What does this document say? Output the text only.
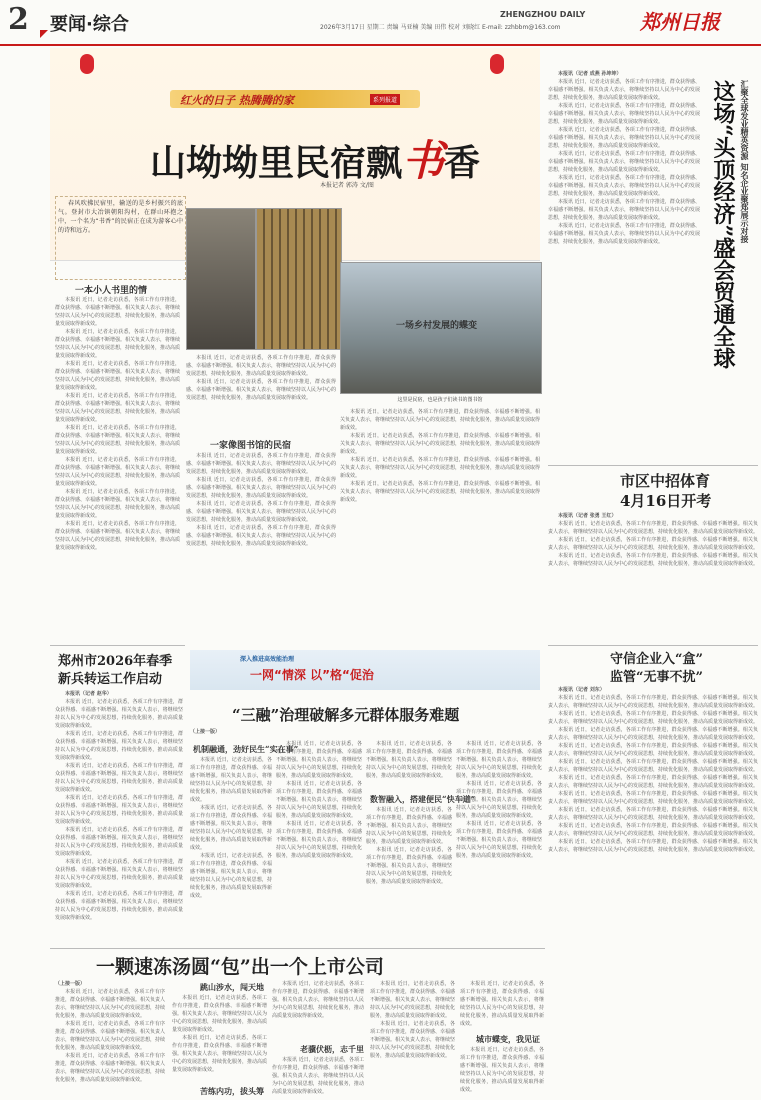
2 要闻·综合	2026年3月17日 星期二 责编 马亚楠 美编 田伟 校对 刘晓红 E-mail: zzhbbm@163.com
ZHENGZHOU DAILY	郑州日报
红火的日子 热腾腾的家	系列报道
山坳坳里民宿飘书香
本报记者 郭涛 文/图

春风吹拂民宿里，输送的是乡村振兴的底气。登封市大冶镇朝阳沟村，在群山环抱之中，一个名为“书香”的民宿正在成为游客心中的诗和远方。

一本小人书里的情

本报讯 近日，记者走访获悉，各项工作有序推进，群众获得感、幸福感不断增强。相关负责人表示，将继续坚持以人民为中心的发展思想，持续优化服务，推动高质量发展取得新成效。

本报讯 近日，记者走访获悉，各项工作有序推进，群众获得感、幸福感不断增强。相关负责人表示，将继续坚持以人民为中心的发展思想，持续优化服务，推动高质量发展取得新成效。

本报讯 近日，记者走访获悉，各项工作有序推进，群众获得感、幸福感不断增强。相关负责人表示，将继续坚持以人民为中心的发展思想，持续优化服务，推动高质量发展取得新成效。

本报讯 近日，记者走访获悉，各项工作有序推进，群众获得感、幸福感不断增强。相关负责人表示，将继续坚持以人民为中心的发展思想，持续优化服务，推动高质量发展取得新成效。

本报讯 近日，记者走访获悉，各项工作有序推进，群众获得感、幸福感不断增强。相关负责人表示，将继续坚持以人民为中心的发展思想，持续优化服务，推动高质量发展取得新成效。

本报讯 近日，记者走访获悉，各项工作有序推进，群众获得感、幸福感不断增强。相关负责人表示，将继续坚持以人民为中心的发展思想，持续优化服务，推动高质量发展取得新成效。

本报讯 近日，记者走访获悉，各项工作有序推进，群众获得感、幸福感不断增强。相关负责人表示，将继续坚持以人民为中心的发展思想，持续优化服务，推动高质量发展取得新成效。

本报讯 近日，记者走访获悉，各项工作有序推进，群众获得感、幸福感不断增强。相关负责人表示，将继续坚持以人民为中心的发展思想，持续优化服务，推动高质量发展取得新成效。

本报讯 近日，记者走访获悉，各项工作有序推进，群众获得感、幸福感不断增强。相关负责人表示，将继续坚持以人民为中心的发展思想，持续优化服务，推动高质量发展取得新成效。

本报讯 近日，记者走访获悉，各项工作有序推进，群众获得感、幸福感不断增强。相关负责人表示，将继续坚持以人民为中心的发展思想，持续优化服务，推动高质量发展取得新成效。

一家像图书馆的民宿

本报讯 近日，记者走访获悉，各项工作有序推进，群众获得感、幸福感不断增强。相关负责人表示，将继续坚持以人民为中心的发展思想，持续优化服务，推动高质量发展取得新成效。

本报讯 近日，记者走访获悉，各项工作有序推进，群众获得感、幸福感不断增强。相关负责人表示，将继续坚持以人民为中心的发展思想，持续优化服务，推动高质量发展取得新成效。

本报讯 近日，记者走访获悉，各项工作有序推进，群众获得感、幸福感不断增强。相关负责人表示，将继续坚持以人民为中心的发展思想，持续优化服务，推动高质量发展取得新成效。

本报讯 近日，记者走访获悉，各项工作有序推进，群众获得感、幸福感不断增强。相关负责人表示，将继续坚持以人民为中心的发展思想，持续优化服务，推动高质量发展取得新成效。

这里是民宿，也是孩子们读书的图书馆

本报讯 近日，记者走访获悉，各项工作有序推进，群众获得感、幸福感不断增强。相关负责人表示，将继续坚持以人民为中心的发展思想，持续优化服务，推动高质量发展取得新成效。

本报讯 近日，记者走访获悉，各项工作有序推进，群众获得感、幸福感不断增强。相关负责人表示，将继续坚持以人民为中心的发展思想，持续优化服务，推动高质量发展取得新成效。

本报讯 近日，记者走访获悉，各项工作有序推进，群众获得感、幸福感不断增强。相关负责人表示，将继续坚持以人民为中心的发展思想，持续优化服务，推动高质量发展取得新成效。

本报讯 近日，记者走访获悉，各项工作有序推进，群众获得感、幸福感不断增强。相关负责人表示，将继续坚持以人民为中心的发展思想，持续优化服务，推动高质量发展取得新成效。

这场“头顶经济”盛会贸通全球 汇聚全球发业精英资源 知名企业聚郑展示对接

本报讯（记者 成燕 孙坤坤）

本报讯 近日，记者走访获悉，各项工作有序推进，群众获得感、幸福感不断增强。相关负责人表示，将继续坚持以人民为中心的发展思想，持续优化服务，推动高质量发展取得新成效。

本报讯 近日，记者走访获悉，各项工作有序推进，群众获得感、幸福感不断增强。相关负责人表示，将继续坚持以人民为中心的发展思想，持续优化服务，推动高质量发展取得新成效。

本报讯 近日，记者走访获悉，各项工作有序推进，群众获得感、幸福感不断增强。相关负责人表示，将继续坚持以人民为中心的发展思想，持续优化服务，推动高质量发展取得新成效。

本报讯 近日，记者走访获悉，各项工作有序推进，群众获得感、幸福感不断增强。相关负责人表示，将继续坚持以人民为中心的发展思想，持续优化服务，推动高质量发展取得新成效。

本报讯 近日，记者走访获悉，各项工作有序推进，群众获得感、幸福感不断增强。相关负责人表示，将继续坚持以人民为中心的发展思想，持续优化服务，推动高质量发展取得新成效。

本报讯 近日，记者走访获悉，各项工作有序推进，群众获得感、幸福感不断增强。相关负责人表示，将继续坚持以人民为中心的发展思想，持续优化服务，推动高质量发展取得新成效。

本报讯 近日，记者走访获悉，各项工作有序推进，群众获得感、幸福感不断增强。相关负责人表示，将继续坚持以人民为中心的发展思想，持续优化服务，推动高质量发展取得新成效。

市区中招体育
4月16日开考

本报讯（记者 张勇 王红）

本报讯 近日，记者走访获悉，各项工作有序推进，群众获得感、幸福感不断增强。相关负责人表示，将继续坚持以人民为中心的发展思想，持续优化服务，推动高质量发展取得新成效。

本报讯 近日，记者走访获悉，各项工作有序推进，群众获得感、幸福感不断增强。相关负责人表示，将继续坚持以人民为中心的发展思想，持续优化服务，推动高质量发展取得新成效。

本报讯 近日，记者走访获悉，各项工作有序推进，群众获得感、幸福感不断增强。相关负责人表示，将继续坚持以人民为中心的发展思想，持续优化服务，推动高质量发展取得新成效。

守信企业入“盒”
监管“无事不扰”

本报讯（记者 刘东）

本报讯 近日，记者走访获悉，各项工作有序推进，群众获得感、幸福感不断增强。相关负责人表示，将继续坚持以人民为中心的发展思想，持续优化服务，推动高质量发展取得新成效。

本报讯 近日，记者走访获悉，各项工作有序推进，群众获得感、幸福感不断增强。相关负责人表示，将继续坚持以人民为中心的发展思想，持续优化服务，推动高质量发展取得新成效。

本报讯 近日，记者走访获悉，各项工作有序推进，群众获得感、幸福感不断增强。相关负责人表示，将继续坚持以人民为中心的发展思想，持续优化服务，推动高质量发展取得新成效。

本报讯 近日，记者走访获悉，各项工作有序推进，群众获得感、幸福感不断增强。相关负责人表示，将继续坚持以人民为中心的发展思想，持续优化服务，推动高质量发展取得新成效。

本报讯 近日，记者走访获悉，各项工作有序推进，群众获得感、幸福感不断增强。相关负责人表示，将继续坚持以人民为中心的发展思想，持续优化服务，推动高质量发展取得新成效。

本报讯 近日，记者走访获悉，各项工作有序推进，群众获得感、幸福感不断增强。相关负责人表示，将继续坚持以人民为中心的发展思想，持续优化服务，推动高质量发展取得新成效。

本报讯 近日，记者走访获悉，各项工作有序推进，群众获得感、幸福感不断增强。相关负责人表示，将继续坚持以人民为中心的发展思想，持续优化服务，推动高质量发展取得新成效。

本报讯 近日，记者走访获悉，各项工作有序推进，群众获得感、幸福感不断增强。相关负责人表示，将继续坚持以人民为中心的发展思想，持续优化服务，推动高质量发展取得新成效。

本报讯 近日，记者走访获悉，各项工作有序推进，群众获得感、幸福感不断增强。相关负责人表示，将继续坚持以人民为中心的发展思想，持续优化服务，推动高质量发展取得新成效。

本报讯 近日，记者走访获悉，各项工作有序推进，群众获得感、幸福感不断增强。相关负责人表示，将继续坚持以人民为中心的发展思想，持续优化服务，推动高质量发展取得新成效。

郑州市2026年春季
新兵转运工作启动

本报讯（记者 赵华）

本报讯 近日，记者走访获悉，各项工作有序推进，群众获得感、幸福感不断增强。相关负责人表示，将继续坚持以人民为中心的发展思想，持续优化服务，推动高质量发展取得新成效。

本报讯 近日，记者走访获悉，各项工作有序推进，群众获得感、幸福感不断增强。相关负责人表示，将继续坚持以人民为中心的发展思想，持续优化服务，推动高质量发展取得新成效。

本报讯 近日，记者走访获悉，各项工作有序推进，群众获得感、幸福感不断增强。相关负责人表示，将继续坚持以人民为中心的发展思想，持续优化服务，推动高质量发展取得新成效。

本报讯 近日，记者走访获悉，各项工作有序推进，群众获得感、幸福感不断增强。相关负责人表示，将继续坚持以人民为中心的发展思想，持续优化服务，推动高质量发展取得新成效。

本报讯 近日，记者走访获悉，各项工作有序推进，群众获得感、幸福感不断增强。相关负责人表示，将继续坚持以人民为中心的发展思想，持续优化服务，推动高质量发展取得新成效。

本报讯 近日，记者走访获悉，各项工作有序推进，群众获得感、幸福感不断增强。相关负责人表示，将继续坚持以人民为中心的发展思想，持续优化服务，推动高质量发展取得新成效。

本报讯 近日，记者走访获悉，各项工作有序推进，群众获得感、幸福感不断增强。相关负责人表示，将继续坚持以人民为中心的发展思想，持续优化服务，推动高质量发展取得新成效。

深入推进高效能治理
一网“情深 以”格“促治
“三融”治理破解多元群体服务难题

（上接一版）

机制融通，劲好民生“实在事”
数智融入，搭建便民“快车道”

本报讯 近日，记者走访获悉，各项工作有序推进，群众获得感、幸福感不断增强。相关负责人表示，将继续坚持以人民为中心的发展思想，持续优化服务，推动高质量发展取得新成效。

本报讯 近日，记者走访获悉，各项工作有序推进，群众获得感、幸福感不断增强。相关负责人表示，将继续坚持以人民为中心的发展思想，持续优化服务，推动高质量发展取得新成效。

本报讯 近日，记者走访获悉，各项工作有序推进，群众获得感、幸福感不断增强。相关负责人表示，将继续坚持以人民为中心的发展思想，持续优化服务，推动高质量发展取得新成效。

本报讯 近日，记者走访获悉，各项工作有序推进，群众获得感、幸福感不断增强。相关负责人表示，将继续坚持以人民为中心的发展思想，持续优化服务，推动高质量发展取得新成效。

本报讯 近日，记者走访获悉，各项工作有序推进，群众获得感、幸福感不断增强。相关负责人表示，将继续坚持以人民为中心的发展思想，持续优化服务，推动高质量发展取得新成效。

本报讯 近日，记者走访获悉，各项工作有序推进，群众获得感、幸福感不断增强。相关负责人表示，将继续坚持以人民为中心的发展思想，持续优化服务，推动高质量发展取得新成效。

本报讯 近日，记者走访获悉，各项工作有序推进，群众获得感、幸福感不断增强。相关负责人表示，将继续坚持以人民为中心的发展思想，持续优化服务，推动高质量发展取得新成效。

本报讯 近日，记者走访获悉，各项工作有序推进，群众获得感、幸福感不断增强。相关负责人表示，将继续坚持以人民为中心的发展思想，持续优化服务，推动高质量发展取得新成效。

本报讯 近日，记者走访获悉，各项工作有序推进，群众获得感、幸福感不断增强。相关负责人表示，将继续坚持以人民为中心的发展思想，持续优化服务，推动高质量发展取得新成效。

本报讯 近日，记者走访获悉，各项工作有序推进，群众获得感、幸福感不断增强。相关负责人表示，将继续坚持以人民为中心的发展思想，持续优化服务，推动高质量发展取得新成效。

本报讯 近日，记者走访获悉，各项工作有序推进，群众获得感、幸福感不断增强。相关负责人表示，将继续坚持以人民为中心的发展思想，持续优化服务，推动高质量发展取得新成效。

本报讯 近日，记者走访获悉，各项工作有序推进，群众获得感、幸福感不断增强。相关负责人表示，将继续坚持以人民为中心的发展思想，持续优化服务，推动高质量发展取得新成效。

一颗速冻汤圆“包”出一个上市公司

（上接一版）

本报讯 近日，记者走访获悉，各项工作有序推进，群众获得感、幸福感不断增强。相关负责人表示，将继续坚持以人民为中心的发展思想，持续优化服务，推动高质量发展取得新成效。

本报讯 近日，记者走访获悉，各项工作有序推进，群众获得感、幸福感不断增强。相关负责人表示，将继续坚持以人民为中心的发展思想，持续优化服务，推动高质量发展取得新成效。

本报讯 近日，记者走访获悉，各项工作有序推进，群众获得感、幸福感不断增强。相关负责人表示，将继续坚持以人民为中心的发展思想，持续优化服务，推动高质量发展取得新成效。

跳山涉水，闯天地

本报讯 近日，记者走访获悉，各项工作有序推进，群众获得感、幸福感不断增强。相关负责人表示，将继续坚持以人民为中心的发展思想，持续优化服务，推动高质量发展取得新成效。

本报讯 近日，记者走访获悉，各项工作有序推进，群众获得感、幸福感不断增强。相关负责人表示，将继续坚持以人民为中心的发展思想，持续优化服务，推动高质量发展取得新成效。

苦练内功，拔头筹

本报讯 近日，记者走访获悉，各项工作有序推进，群众获得感、幸福感不断增强。相关负责人表示，将继续坚持以人民为中心的发展思想，持续优化服务，推动高质量发展取得新成效。

老骥伏枥，志千里

本报讯 近日，记者走访获悉，各项工作有序推进，群众获得感、幸福感不断增强。相关负责人表示，将继续坚持以人民为中心的发展思想，持续优化服务，推动高质量发展取得新成效。

本报讯 近日，记者走访获悉，各项工作有序推进，群众获得感、幸福感不断增强。相关负责人表示，将继续坚持以人民为中心的发展思想，持续优化服务，推动高质量发展取得新成效。

本报讯 近日，记者走访获悉，各项工作有序推进，群众获得感、幸福感不断增强。相关负责人表示，将继续坚持以人民为中心的发展思想，持续优化服务，推动高质量发展取得新成效。

本报讯 近日，记者走访获悉，各项工作有序推进，群众获得感、幸福感不断增强。相关负责人表示，将继续坚持以人民为中心的发展思想，持续优化服务，推动高质量发展取得新成效。

城市蝶变，我见证

本报讯 近日，记者走访获悉，各项工作有序推进，群众获得感、幸福感不断增强。相关负责人表示，将继续坚持以人民为中心的发展思想，持续优化服务，推动高质量发展取得新成效。

一场乡村发展的蝶变
